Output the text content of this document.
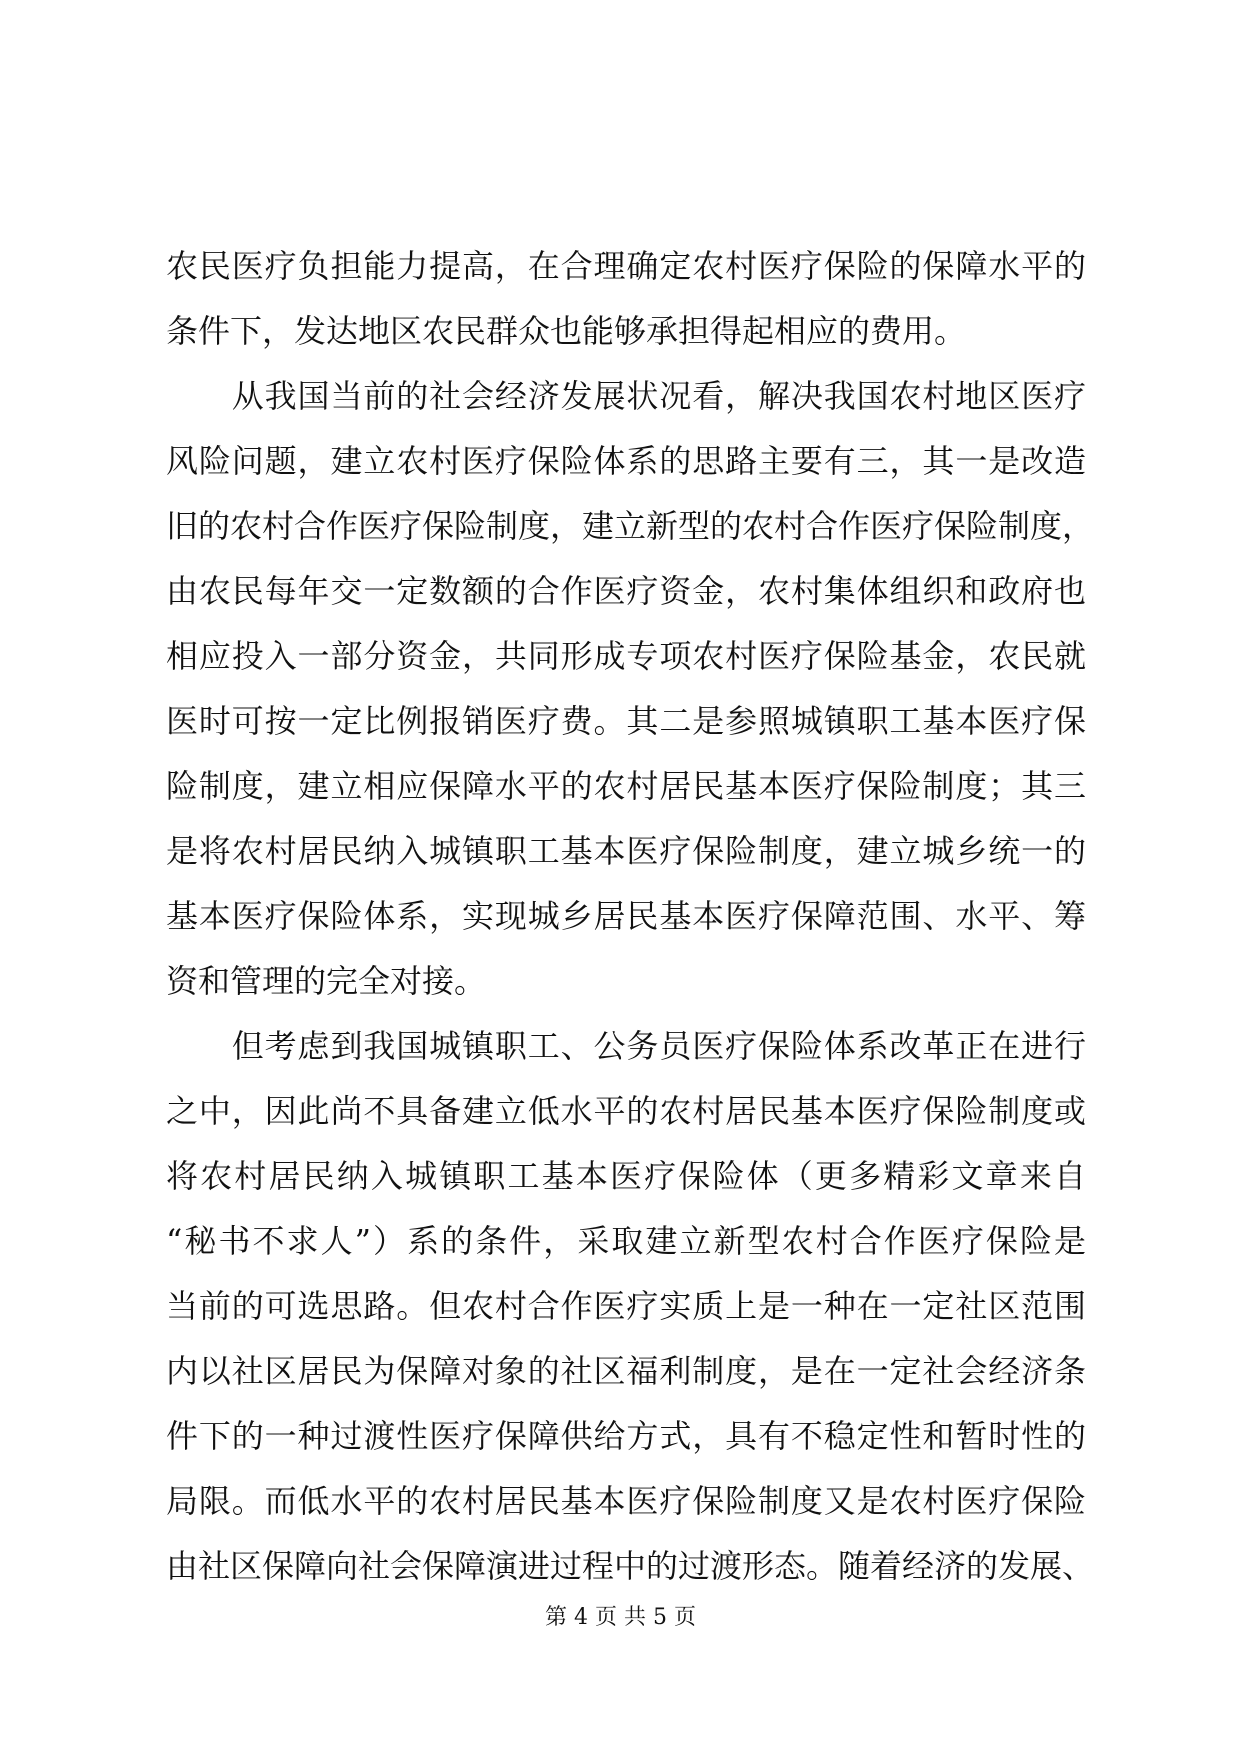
农民医疗负担能力提高，在合理确定农村医疗保险的保障水平的
条件下，发达地区农民群众也能够承担得起相应的费用。
　　从我国当前的社会经济发展状况看，解决我国农村地区医疗
风险问题，建立农村医疗保险体系的思路主要有三，其一是改造
旧的农村合作医疗保险制度，建立新型的农村合作医疗保险制度，
由农民每年交一定数额的合作医疗资金，农村集体组织和政府也
相应投入一部分资金，共同形成专项农村医疗保险基金，农民就
医时可按一定比例报销医疗费。其二是参照城镇职工基本医疗保
险制度，建立相应保障水平的农村居民基本医疗保险制度；其三
是将农村居民纳入城镇职工基本医疗保险制度，建立城乡统一的
基本医疗保险体系，实现城乡居民基本医疗保障范围、水平、筹
资和管理的完全对接。
　　但考虑到我国城镇职工、公务员医疗保险体系改革正在进行
之中，因此尚不具备建立低水平的农村居民基本医疗保险制度或
将农村居民纳入城镇职工基本医疗保险体（更多精彩文章来自
“秘书不求人”）系的条件，采取建立新型农村合作医疗保险是
当前的可选思路。但农村合作医疗实质上是一种在一定社区范围
内以社区居民为保障对象的社区福利制度，是在一定社会经济条
件下的一种过渡性医疗保障供给方式，具有不稳定性和暂时性的
局限。而低水平的农村居民基本医疗保险制度又是农村医疗保险
由社区保障向社会保障演进过程中的过渡形态。随着经济的发展、
第 4 页 共 5 页
